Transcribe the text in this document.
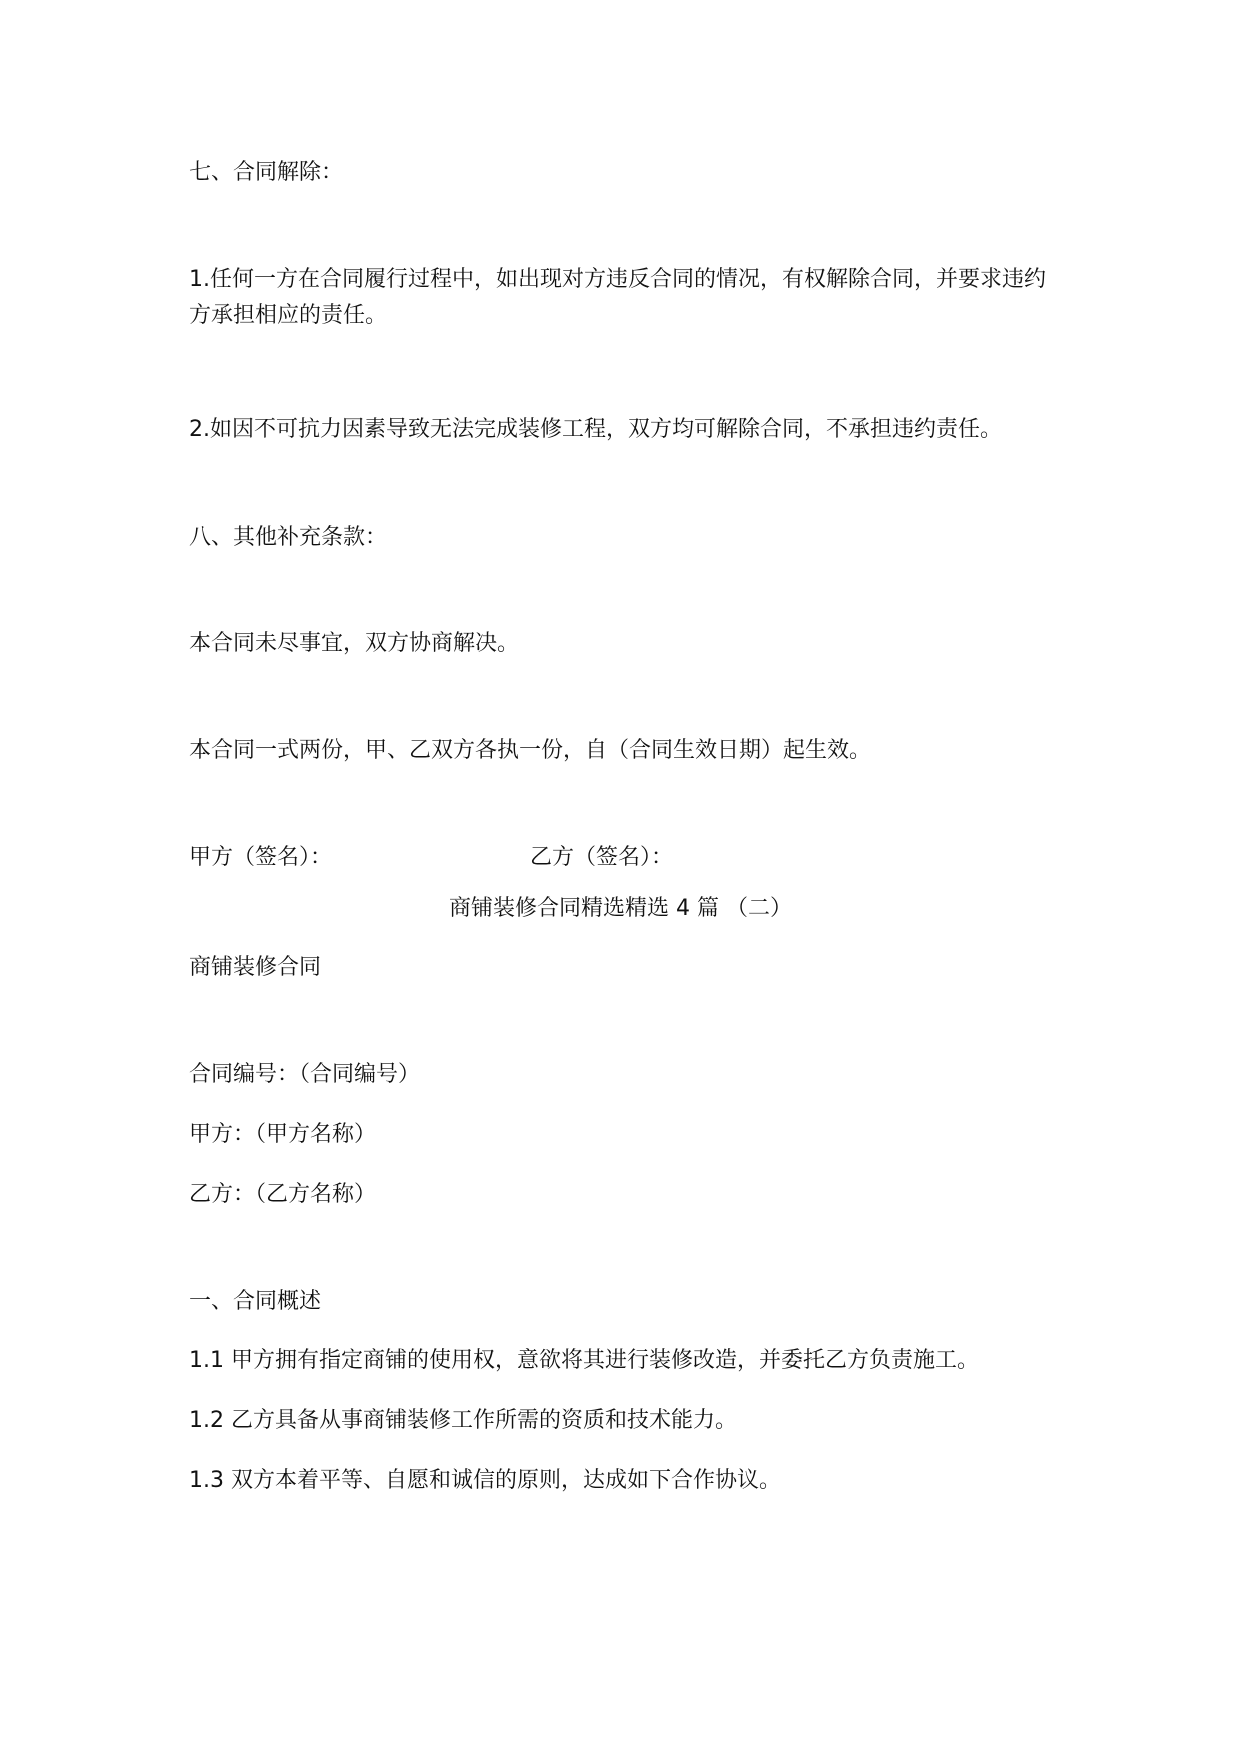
七、合同解除：

1.任何一方在合同履行过程中，如出现对方违反合同的情况，有权解除合同，并要求违约方承担相应的责任。

2.如因不可抗力因素导致无法完成装修工程，双方均可解除合同，不承担违约责任。

八、其他补充条款：

本合同未尽事宜，双方协商解决。

本合同一式两份，甲、乙双方各执一份，自（合同生效日期）起生效。

甲方（签名）：	乙方（签名）：

商铺装修合同精选精选 4 篇 （二）

商铺装修合同

合同编号：（合同编号）

甲方：（甲方名称）

乙方：（乙方名称）

一、合同概述

1.1 甲方拥有指定商铺的使用权，意欲将其进行装修改造，并委托乙方负责施工。

1.2 乙方具备从事商铺装修工作所需的资质和技术能力。

1.3 双方本着平等、自愿和诚信的原则，达成如下合作协议。
